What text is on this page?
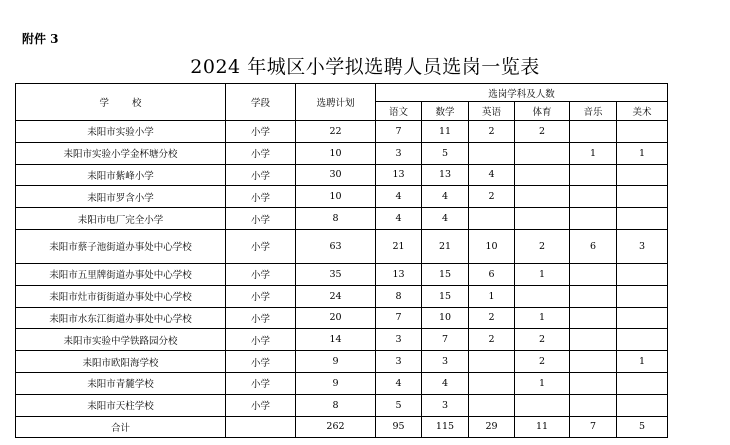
附件 3
2024 年城区小学拟选聘人员选岗一览表
学 校	学段	选聘计划	选岗学科及人数					
			语文	数学	英语	体育	音乐	美术
耒阳市实验小学	小学	22	7	11	2	2		
耒阳市实验小学金杯塘分校	小学	10	3	5			1	1
耒阳市紫峰小学	小学	30	13	13	4			
耒阳市罗含小学	小学	10	4	4	2			
耒阳市电厂完全小学	小学	8	4	4				
耒阳市蔡子池街道办事处中心学校	小学	63	21	21	10	2	6	3
耒阳市五里牌街道办事处中心学校	小学	35	13	15	6	1		
耒阳市灶市街街道办事处中心学校	小学	24	8	15	1			
耒阳市水东江街道办事处中心学校	小学	20	7	10	2	1		
耒阳市实验中学铁路园分校	小学	14	3	7	2	2		
耒阳市欧阳海学校	小学	9	3	3		2		1
耒阳市青麓学校	小学	9	4	4		1		
耒阳市天柱学校	小学	8	5	3				
合计		262	95	115	29	11	7	5
